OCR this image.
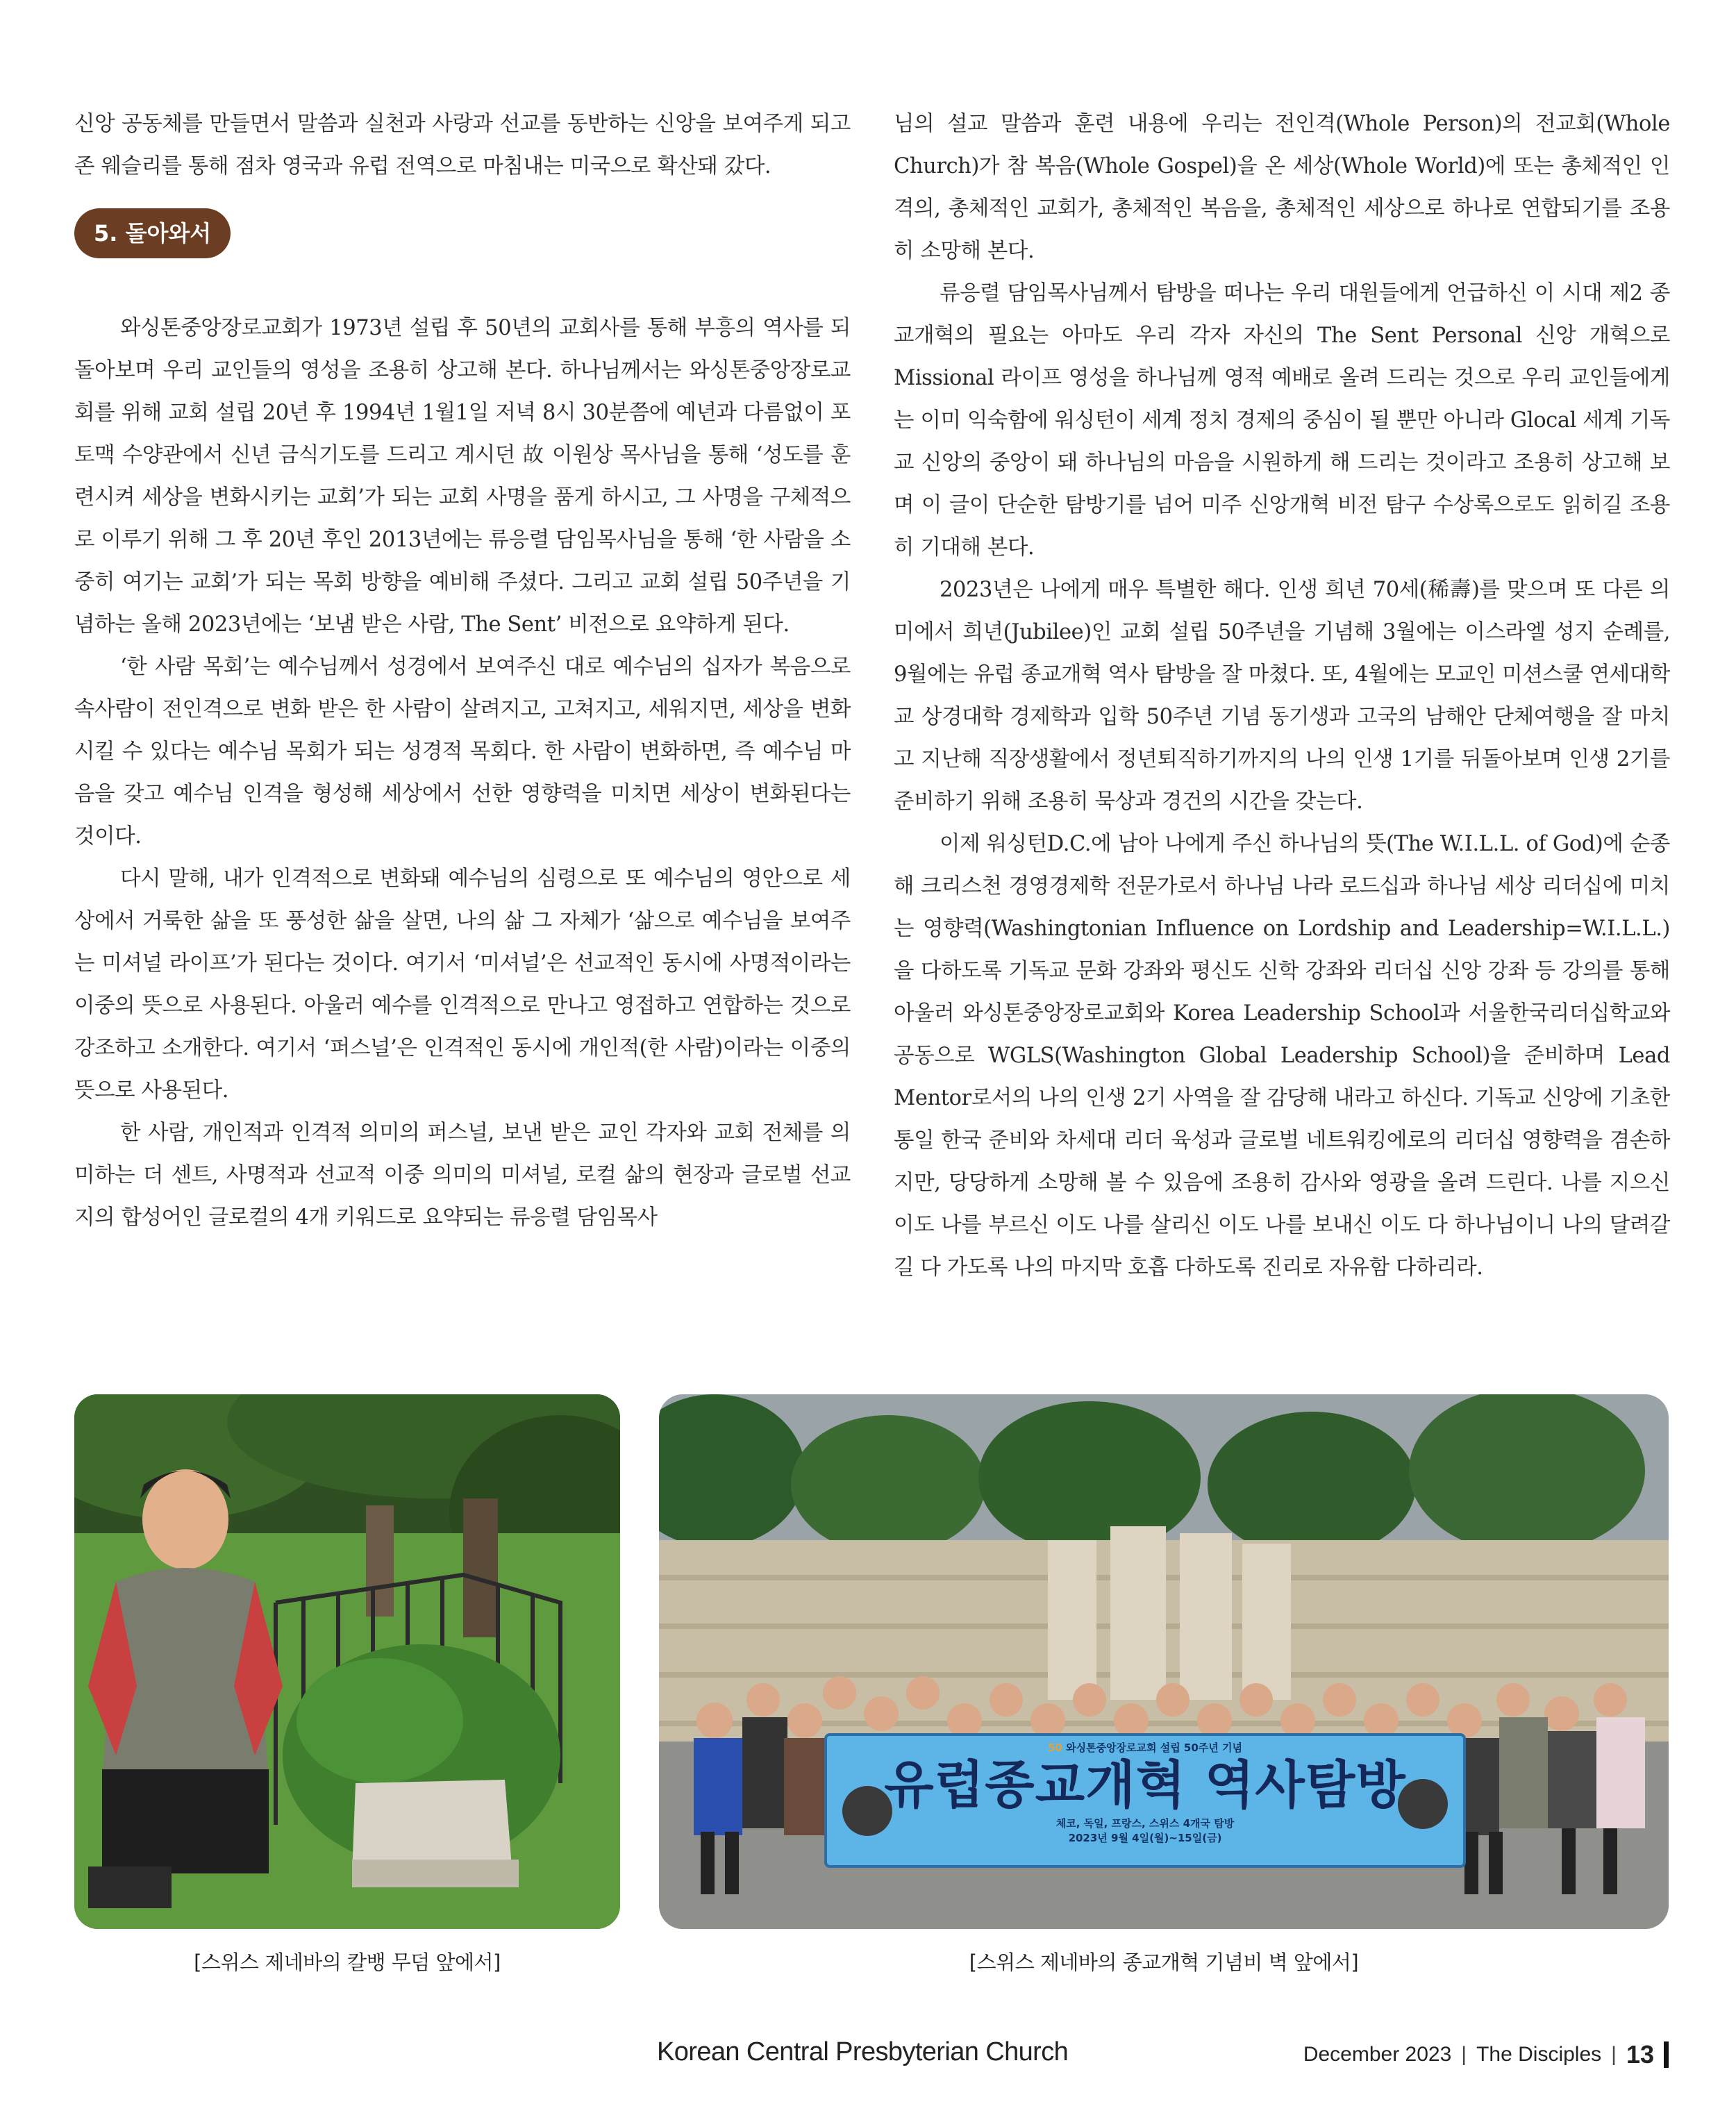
신앙 공동체를 만들면서 말씀과 실천과 사랑과 선교를 동반하는 신앙을 보여주게 되고 존 웨슬리를 통해 점차 영국과 유럽 전역으로 마침내는 미국으로 확산돼 갔다.

5. 돌아와서

와싱톤중앙장로교회가 1973년 설립 후 50년의 교회사를 통해 부흥의 역사를 되돌아보며 우리 교인들의 영성을 조용히 상고해 본다. 하나님께서는 와싱톤중앙장로교회를 위해 교회 설립 20년 후 1994년 1월1일 저녁 8시 30분쯤에 예년과 다름없이 포토맥 수양관에서 신년 금식기도를 드리고 계시던 故 이원상 목사님을 통해 ‘성도를 훈련시켜 세상을 변화시키는 교회’가 되는 교회 사명을 품게 하시고, 그 사명을 구체적으로 이루기 위해 그 후 20년 후인 2013년에는 류응렬 담임목사님을 통해 ‘한 사람을 소중히 여기는 교회’가 되는 목회 방향을 예비해 주셨다. 그리고 교회 설립 50주년을 기념하는 올해 2023년에는 ‘보냄 받은 사람, The Sent’ 비전으로 요약하게 된다.

‘한 사람 목회’는 예수님께서 성경에서 보여주신 대로 예수님의 십자가 복음으로 속사람이 전인격으로 변화 받은 한 사람이 살려지고, 고쳐지고, 세워지면, 세상을 변화시킬 수 있다는 예수님 목회가 되는 성경적 목회다. 한 사람이 변화하면, 즉 예수님 마음을 갖고 예수님 인격을 형성해 세상에서 선한 영향력을 미치면 세상이 변화된다는 것이다.

다시 말해, 내가 인격적으로 변화돼 예수님의 심령으로 또 예수님의 영안으로 세상에서 거룩한 삶을 또 풍성한 삶을 살면, 나의 삶 그 자체가 ‘삶으로 예수님을 보여주는 미셔널 라이프’가 된다는 것이다. 여기서 ‘미셔널’은 선교적인 동시에 사명적이라는 이중의 뜻으로 사용된다. 아울러 예수를 인격적으로 만나고 영접하고 연합하는 것으로 강조하고 소개한다. 여기서 ‘퍼스널’은 인격적인 동시에 개인적(한 사람)이라는 이중의 뜻으로 사용된다.

한 사람, 개인적과 인격적 의미의 퍼스널, 보낸 받은 교인 각자와 교회 전체를 의미하는 더 센트, 사명적과 선교적 이중 의미의 미셔널, 로컬 삶의 현장과 글로벌 선교지의 합성어인 글로컬의 4개 키워드로 요약되는 류응렬 담임목사

님의 설교 말씀과 훈련 내용에 우리는 전인격(Whole Person)의 전교회(Whole Church)가 참 복음(Whole Gospel)을 온 세상(Whole World)에 또는 총체적인 인격의, 총체적인 교회가, 총체적인 복음을, 총체적인 세상으로 하나로 연합되기를 조용히 소망해 본다.

류응렬 담임목사님께서 탐방을 떠나는 우리 대원들에게 언급하신 이 시대 제2 종교개혁의 필요는 아마도 우리 각자 자신의 The Sent Personal 신앙 개혁으로 Missional 라이프 영성을 하나님께 영적 예배로 올려 드리는 것으로 우리 교인들에게는 이미 익숙함에 워싱턴이 세계 정치 경제의 중심이 될 뿐만 아니라 Glocal 세계 기독교 신앙의 중앙이 돼 하나님의 마음을 시원하게 해 드리는 것이라고 조용히 상고해 보며 이 글이 단순한 탐방기를 넘어 미주 신앙개혁 비전 탐구 수상록으로도 읽히길 조용히 기대해 본다.

2023년은 나에게 매우 특별한 해다. 인생 희년 70세(稀壽)를 맞으며 또 다른 의미에서 희년(Jubilee)인 교회 설립 50주년을 기념해 3월에는 이스라엘 성지 순례를, 9월에는 유럽 종교개혁 역사 탐방을 잘 마쳤다. 또, 4월에는 모교인 미션스쿨 연세대학교 상경대학 경제학과 입학 50주년 기념 동기생과 고국의 남해안 단체여행을 잘 마치고 지난해 직장생활에서 정년퇴직하기까지의 나의 인생 1기를 뒤돌아보며 인생 2기를 준비하기 위해 조용히 묵상과 경건의 시간을 갖는다.

이제 워싱턴D.C.에 남아 나에게 주신 하나님의 뜻(The W.I.L.L. of God)에 순종해 크리스천 경영경제학 전문가로서 하나님 나라 로드십과 하나님 세상 리더십에 미치는 영향력(Washingtonian Influence on Lordship and Leadership=W.I.L.L.)을 다하도록 기독교 문화 강좌와 평신도 신학 강좌와 리더십 신앙 강좌 등 강의를 통해 아울러 와싱톤중앙장로교회와 Korea Leadership School과 서울한국리더십학교와 공동으로 WGLS(Washington Global Leadership School)을 준비하며 Lead Mentor로서의 나의 인생 2기 사역을 잘 감당해 내라고 하신다. 기독교 신앙에 기초한 통일 한국 준비와 차세대 리더 육성과 글로벌 네트워킹에로의 리더십 영향력을 겸손하지만, 당당하게 소망해 볼 수 있음에 조용히 감사와 영광을 올려 드린다. 나를 지으신 이도 나를 부르신 이도 나를 살리신 이도 나를 보내신 이도 다 하나님이니 나의 달려갈 길 다 가도록 나의 마지막 호흡 다하도록 진리로 자유함 다하리라.

50 와싱톤중앙장로교회 설립 50주년 기념
유럽종교개혁 역사탐방
체코, 독일, 프랑스, 스위스 4개국 탐방
2023년 9월 4일(월)~15일(금)
[스위스 제네바의 칼뱅 무덤 앞에서]	[스위스 제네바의 종교개혁 기념비 벽 앞에서]
Korean Central Presbyterian Church	December 2023 | The Disciples | 13
